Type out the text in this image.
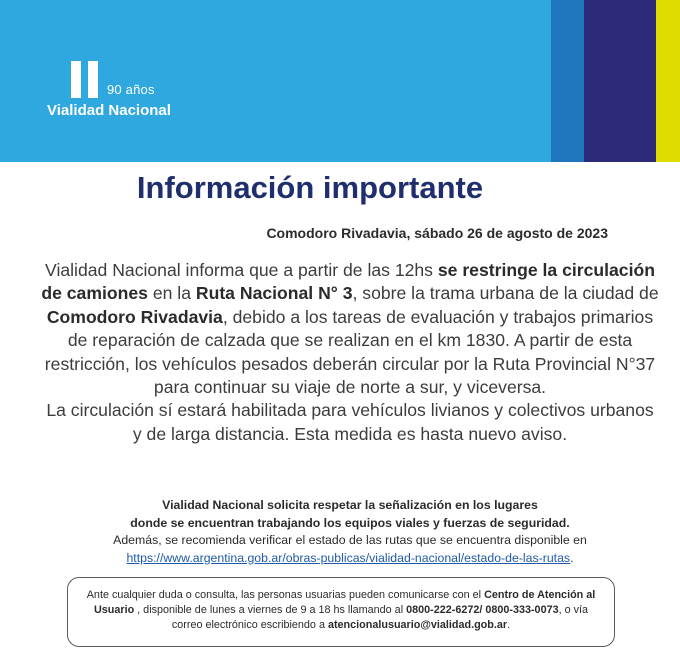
90 años
Vialidad Nacional
Información importante
Comodoro Rivadavia, sábado 26 de agosto de 2023
Vialidad Nacional informa que a partir de las 12hs se restringe la circulación de camiones en la Ruta Nacional N° 3, sobre la trama urbana de la ciudad de Comodoro Rivadavia, debido a los tareas de evaluación y trabajos primarios de reparación de calzada que se realizan en el km 1830. A partir de esta restricción, los vehículos pesados deberán circular por la Ruta Provincial N°37 para continuar su viaje de norte a sur, y viceversa.
La circulación sí estará habilitada para vehículos livianos y colectivos urbanos y de larga distancia. Esta medida es hasta nuevo aviso.
Vialidad Nacional solicita respetar la señalización en los lugares
donde se encuentran trabajando los equipos viales y fuerzas de seguridad.
Además, se recomienda verificar el estado de las rutas que se encuentra disponible en
https://www.argentina.gob.ar/obras-publicas/vialidad-nacional/estado-de-las-rutas.
Ante cualquier duda o consulta, las personas usuarias pueden comunicarse con el Centro de Atención al Usuario , disponible de lunes a viernes de 9 a 18 hs llamando al 0800-222-6272/ 0800-333-0073, o vía correo electrónico escribiendo a atencionalusuario@vialidad.gob.ar.
